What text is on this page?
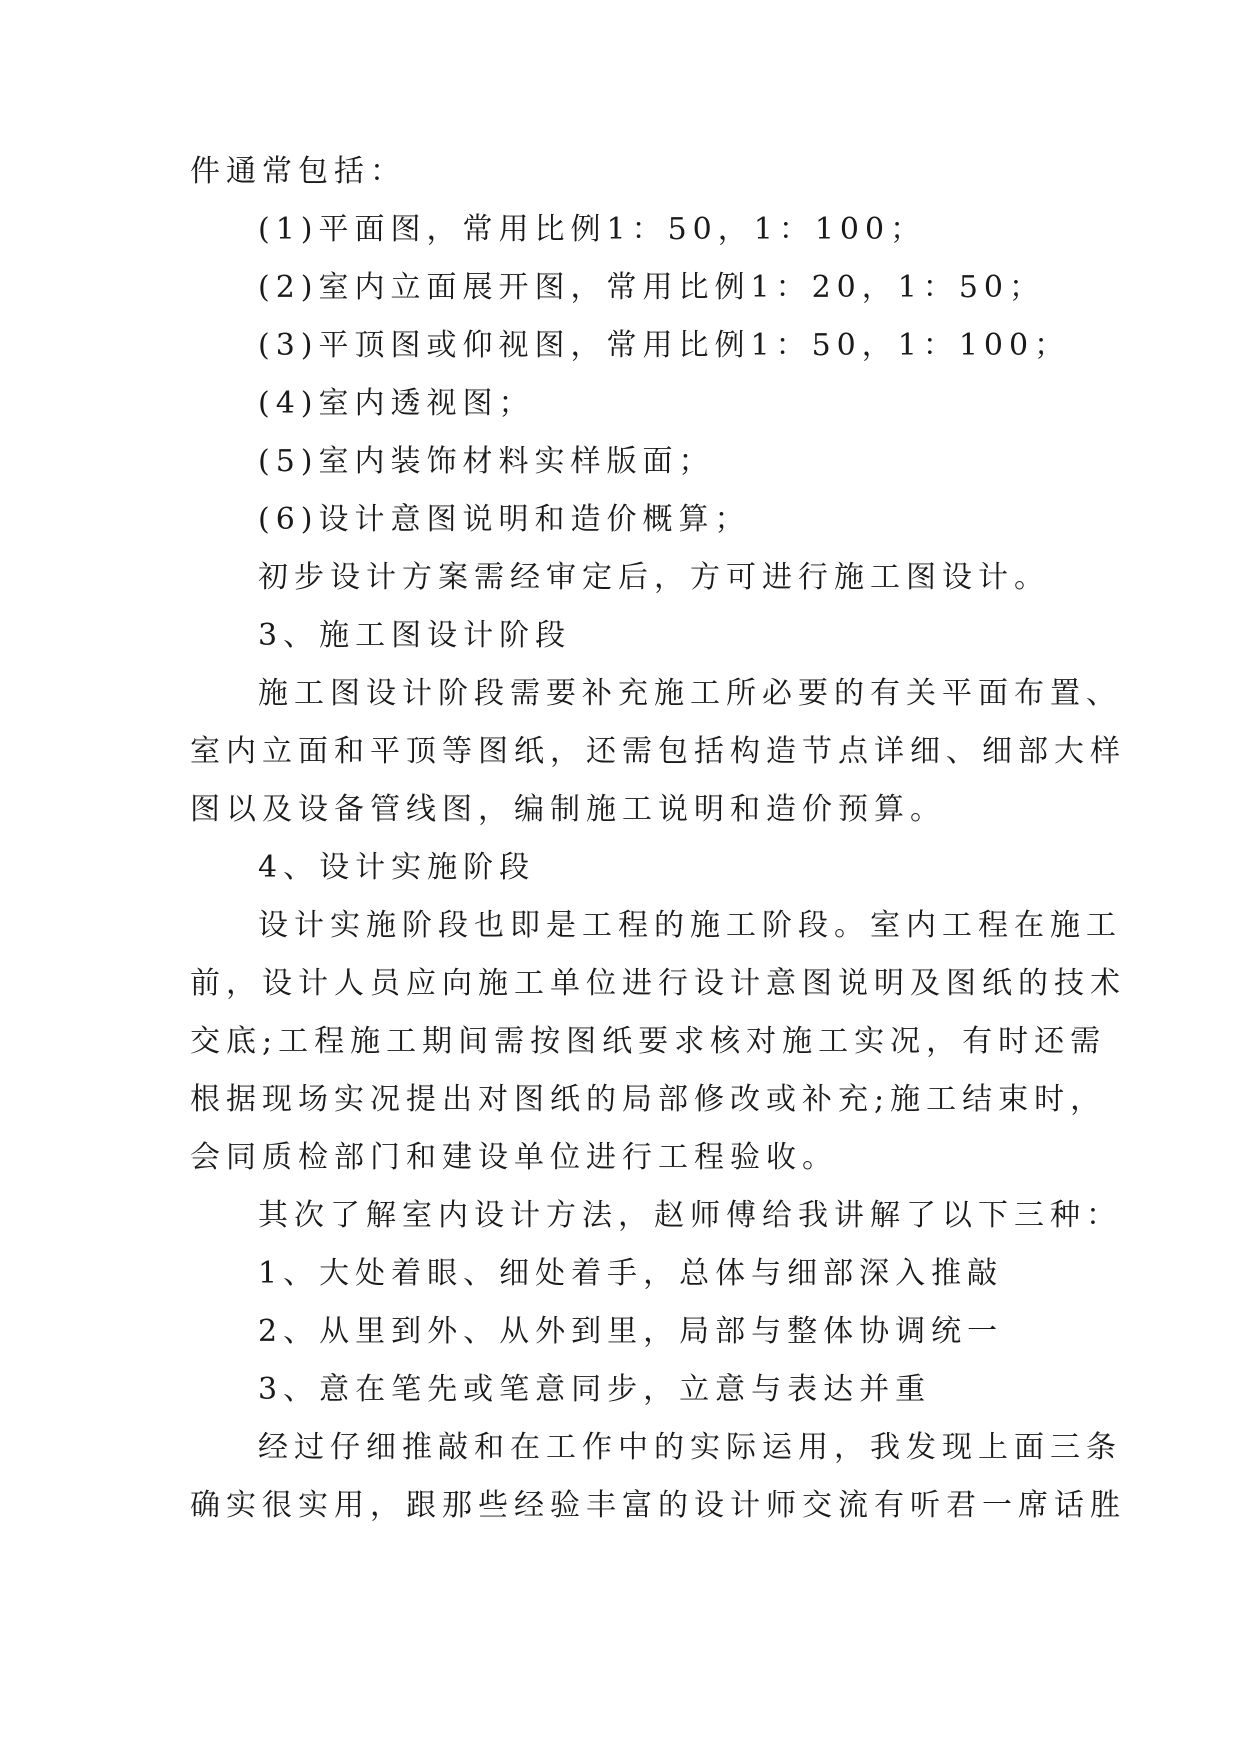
件通常包括：

(1)平面图，常用比例1：50，1：100；

(2)室内立面展开图，常用比例1：20，1：50；

(3)平顶图或仰视图，常用比例1：50，1：100；

(4)室内透视图；

(5)室内装饰材料实样版面；

(6)设计意图说明和造价概算；

初步设计方案需经审定后，方可进行施工图设计。

3、施工图设计阶段

施工图设计阶段需要补充施工所必要的有关平面布置、

室内立面和平顶等图纸，还需包括构造节点详细、细部大样

图以及设备管线图，编制施工说明和造价预算。

4、设计实施阶段

设计实施阶段也即是工程的施工阶段。室内工程在施工

前，设计人员应向施工单位进行设计意图说明及图纸的技术

交底;工程施工期间需按图纸要求核对施工实况，有时还需

根据现场实况提出对图纸的局部修改或补充;施工结束时，

会同质检部门和建设单位进行工程验收。

其次了解室内设计方法，赵师傅给我讲解了以下三种：

1、大处着眼、细处着手，总体与细部深入推敲

2、从里到外、从外到里，局部与整体协调统一

3、意在笔先或笔意同步，立意与表达并重

经过仔细推敲和在工作中的实际运用，我发现上面三条

确实很实用，跟那些经验丰富的设计师交流有听君一席话胜
